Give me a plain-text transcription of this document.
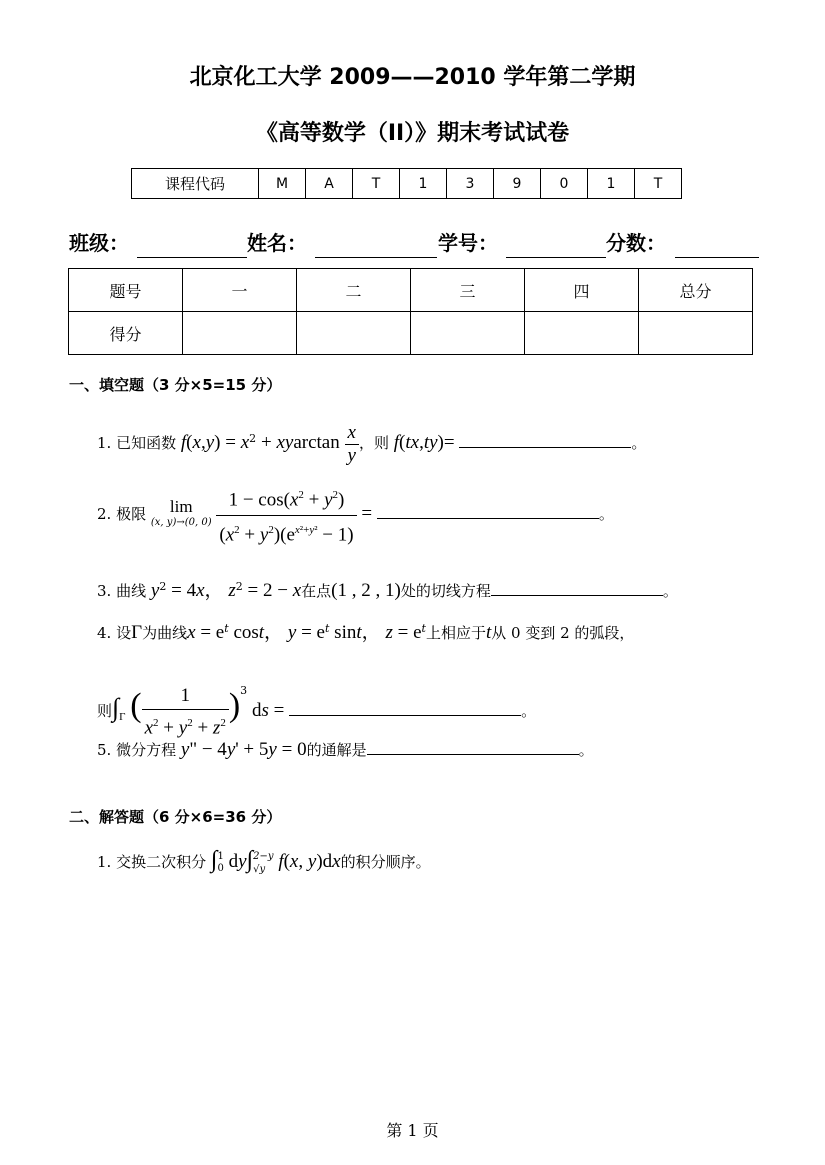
北京化工大学 2009——2010 学年第二学期
《高等数学（II）》期末考试试卷
课程代码	M	A	T	1	3	9	0	1	T
班级：	姓名：	学号：	分数：
题号	一	二	三	四	总分
得分					
一、填空题（3 分×5=15 分）
1. 已知函数 $f(x,y) = x^2 + xyarctan \frac{x}{y}$ ，则 f(tx,ty)=	。
2. 极限	lim
(x, y)→(0, 0)
$\frac{1 - \cos(x^2 + y^2)}{(x^2 + y^2)(e^{x^2+y^2} - 1)}$ =	。
3. 曲线 $y^2 = 4x$， $z^2 = 2 - x$在点(1 , 2 , 1)处的切线方程	。
4. 设Γ为曲线$x = e^t$ cost， $y = e^t$ sint， $z = e^t$上相应于t从 0 变到 2 的弧段，
则$\int_\Gamma$ ( $\frac{1}{x^2 + y^2 + z^2} )^3$ ds =	。
5. 微分方程 y" − 4y' + 5y = 0的通解是	。
二、解答题（6 分×6=36 分）
1. 交换二次积分 ∫ 1
0 dy∫ 2−y
√y f(x, y)dx的积分顺序。
第 1 页
